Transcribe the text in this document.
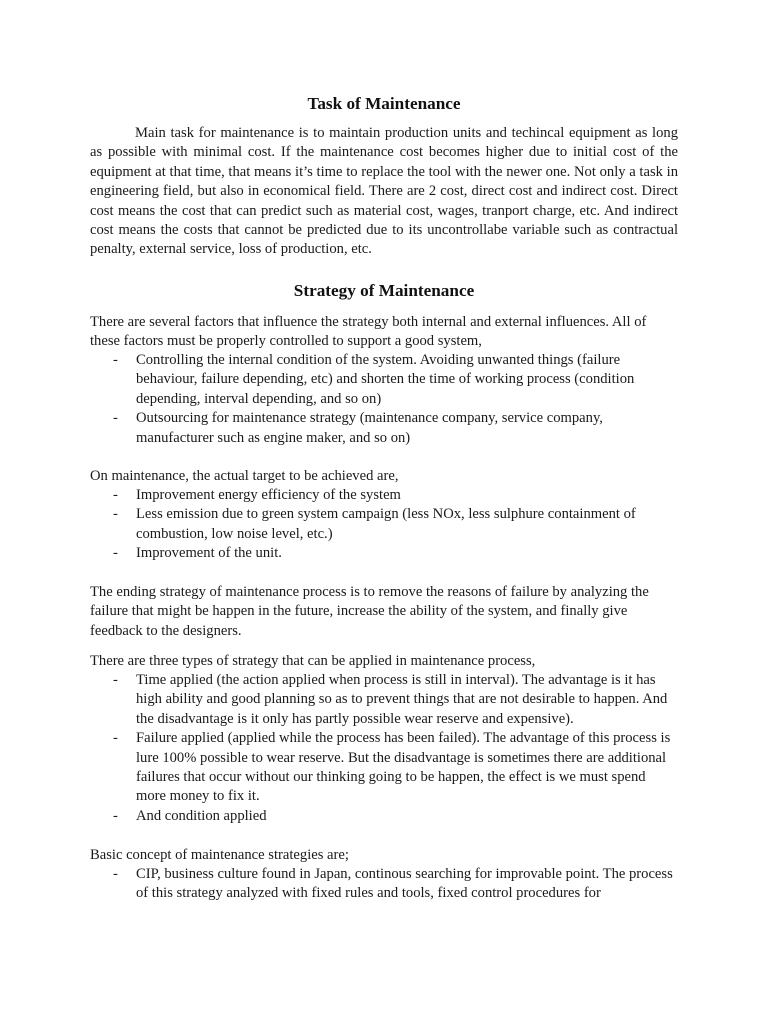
Task of Maintenance

Main task for maintenance is to maintain production units and techincal equipment as long as possible with minimal cost. If the maintenance cost becomes higher due to initial cost of the equipment at that time, that means it’s time to replace the tool with the newer one. Not only a task in engineering field, but also in economical field. There are 2 cost, direct cost and indirect cost. Direct cost means the cost that can predict such as material cost, wages, tranport charge, etc. And indirect cost means the costs that cannot be predicted due to its uncontrollabe variable such as contractual penalty, external service, loss of production, etc.

Strategy of Maintenance

There are several factors that influence the strategy both internal and external influences. All of these factors must be properly controlled to support a good system,

- Controlling the internal condition of the system. Avoiding unwanted things (failure behaviour, failure depending, etc) and shorten the time of working process (condition depending, interval depending, and so on)
- Outsourcing for maintenance strategy (maintenance company, service company, manufacturer such as engine maker, and so on)

On maintenance, the actual target to be achieved are,

- Improvement energy efficiency of the system
- Less emission due to green system campaign (less NOx, less sulphure containment of combustion, low noise level, etc.)
- Improvement of the unit.

The ending strategy of maintenance process is to remove the reasons of failure by analyzing the failure that might be happen in the future, increase the ability of the system, and finally give feedback to the designers.

There are three types of strategy that can be applied in maintenance process,

- Time applied (the action applied when process is still in interval). The advantage is it has high ability and good planning so as to prevent things that are not desirable to happen. And the disadvantage is it only has partly possible wear reserve and expensive).
- Failure applied (applied while the process has been failed). The advantage of this process is lure 100% possible to wear reserve. But the disadvantage is sometimes there are additional failures that occur without our thinking going to be happen, the effect is we must spend more money to fix it.
- And condition applied

Basic concept of maintenance strategies are;

- CIP, business culture found in Japan, continous searching for improvable point. The process of this strategy analyzed with fixed rules and tools, fixed control procedures for
